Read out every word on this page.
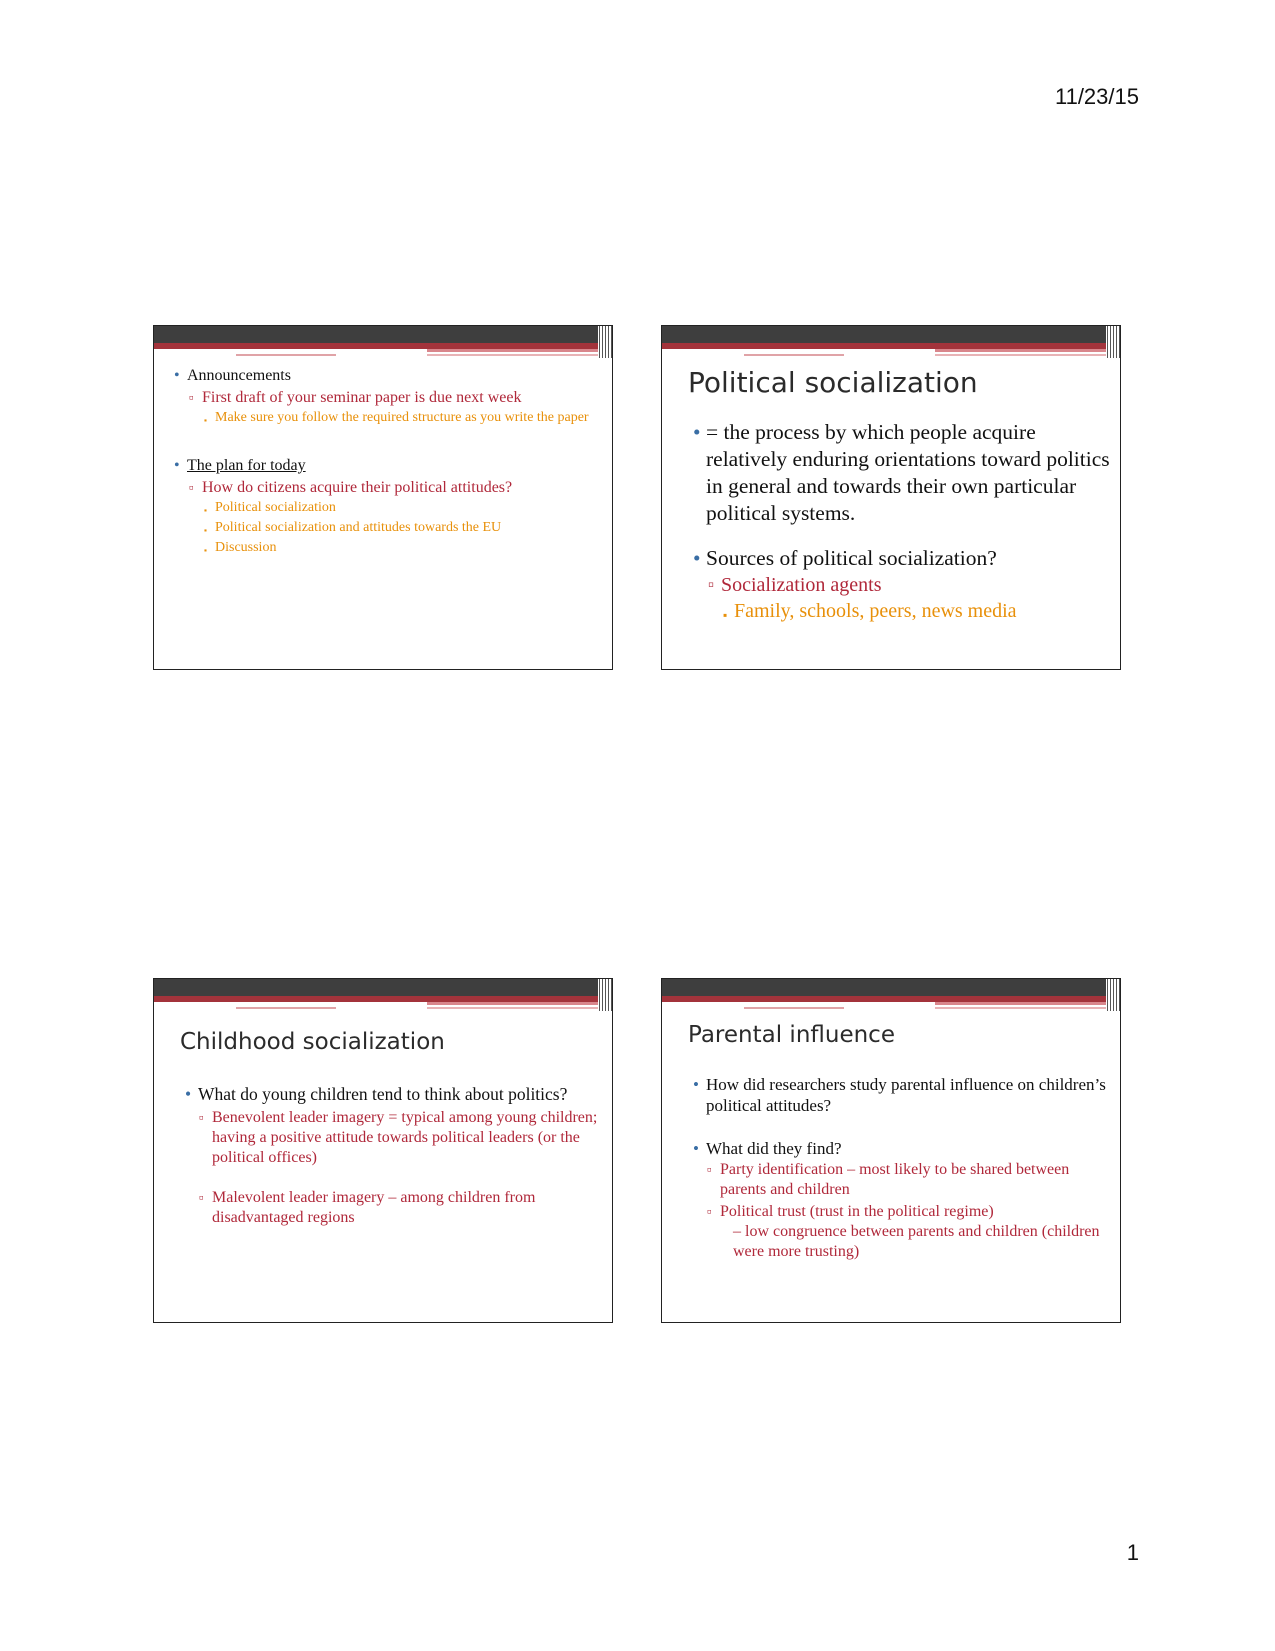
11/23/15
• Announcements
▫ First draft of your seminar paper is due next week
▪ Make sure you follow the required structure as you write the paper
• The plan for today
▫ How do citizens acquire their political attitudes?
▪ Political socialization
▪ Political socialization and attitudes towards the EU
▪ Discussion
Political socialization
• = the process by which people acquire relatively enduring orientations toward politics in general and towards their own particular political systems.
• Sources of political socialization?
▫ Socialization agents
▪ Family, schools, peers, news media
Childhood socialization
• What do young children tend to think about politics?
▫ Benevolent leader imagery = typical among young children; having a positive attitude towards political leaders (or the political offices)
▫ Malevolent leader imagery – among children from disadvantaged regions
Parental influence
• How did researchers study parental influence on children’s political attitudes?
• What did they find?
▫ Party identification – most likely to be shared between parents and children
▫ Political trust (trust in the political regime)
– low congruence between parents and children (children were more trusting)
1
